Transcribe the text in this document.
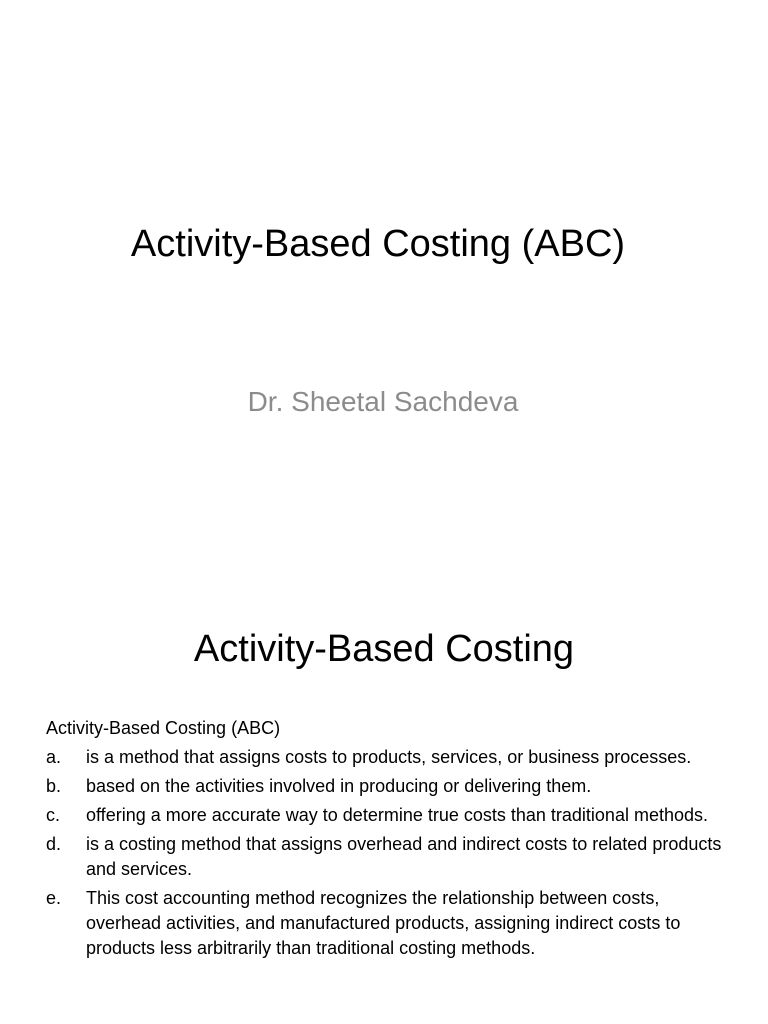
Activity-Based Costing (ABC)

Dr. Sheetal Sachdeva

Activity-Based Costing

Activity-Based Costing (ABC)

a.	is a method that assigns costs to products, services, or business processes.
b.	based on the activities involved in producing or delivering them.
c.	offering a more accurate way to determine true costs than traditional methods.
d.	is a costing method that assigns overhead and indirect costs to related products and services.
e.	This cost accounting method recognizes the relationship between costs, overhead activities, and manufactured products, assigning indirect costs to products less arbitrarily than traditional costing methods.
